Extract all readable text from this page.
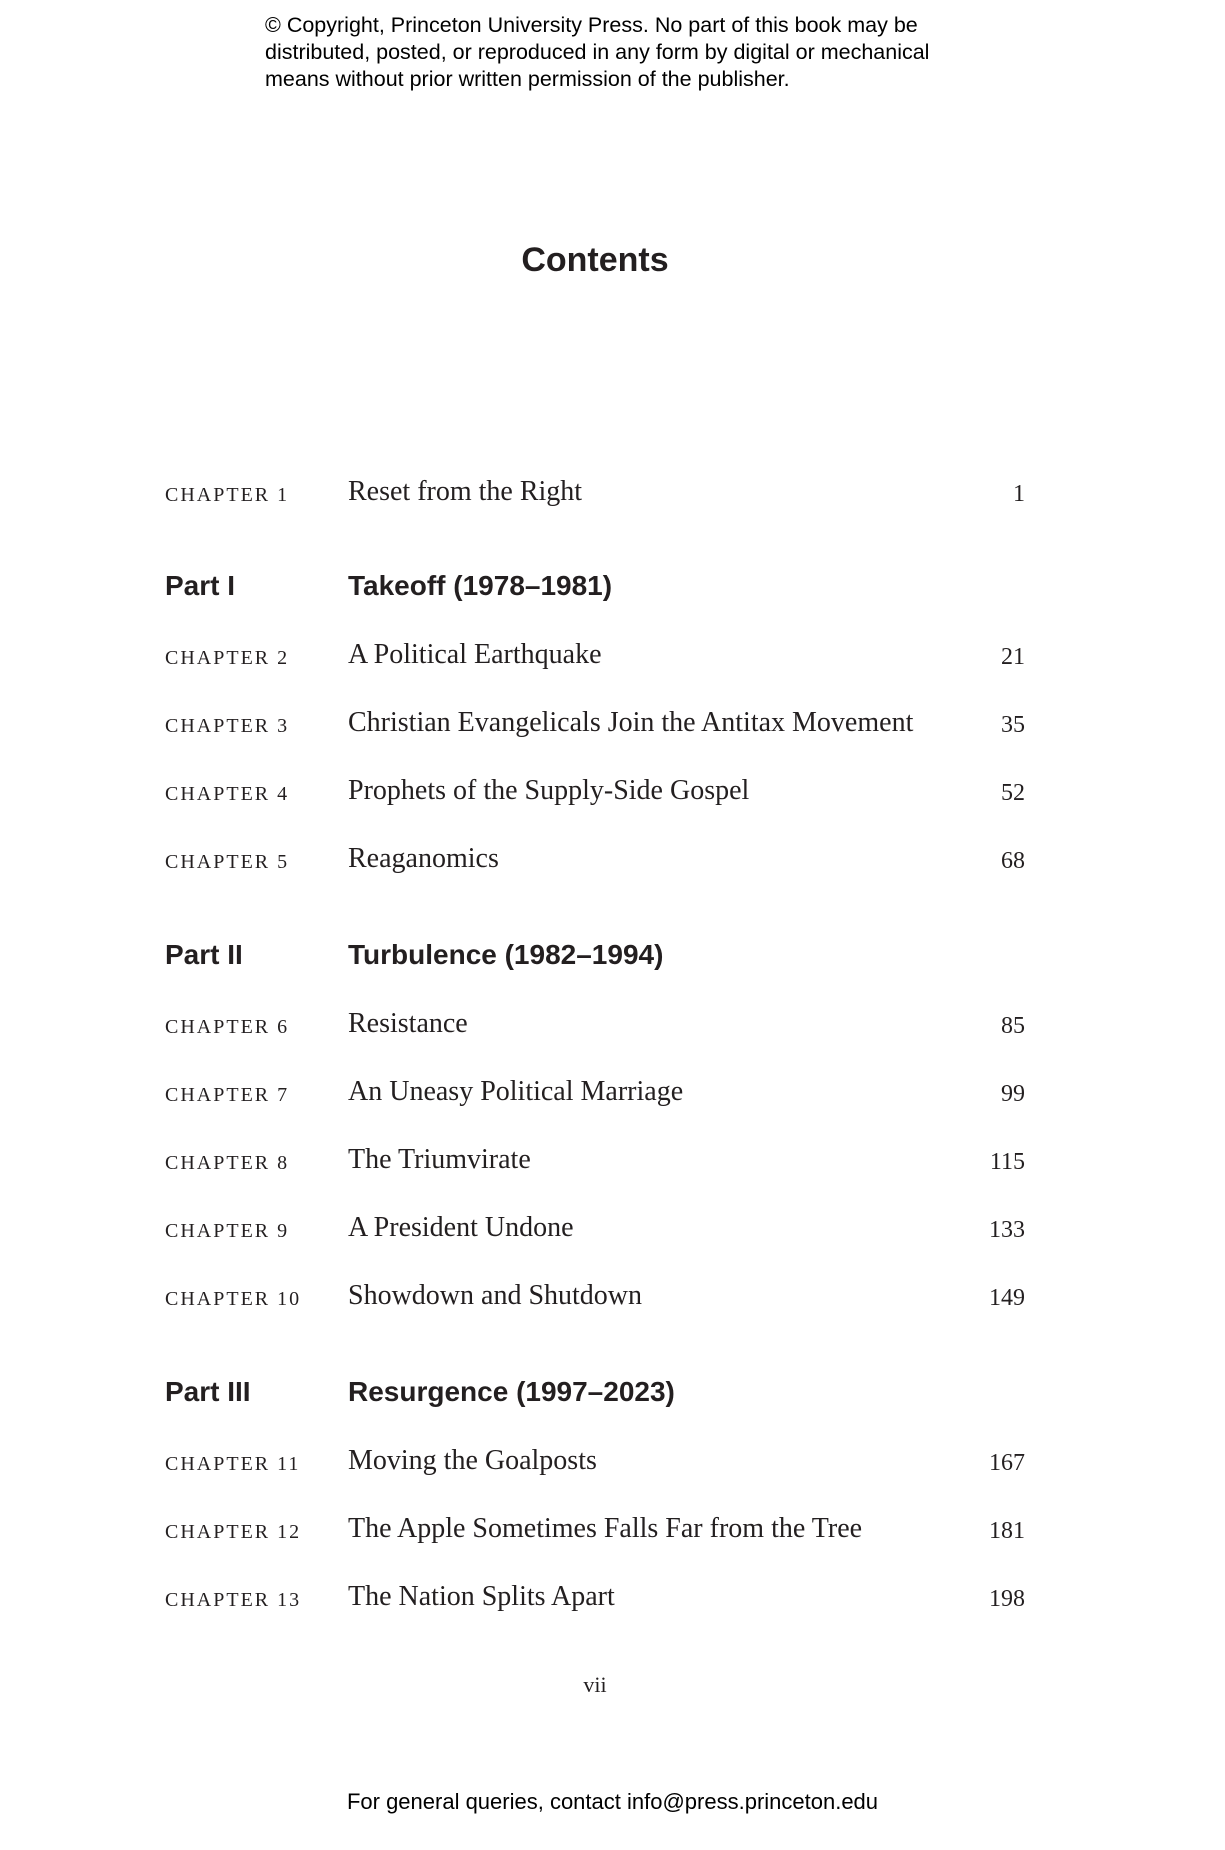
© Copyright, Princeton University Press. No part of this book may be distributed, posted, or reproduced in any form by digital or mechanical means without prior written permission of the publisher.

Contents
CHAPTER 1 Reset from the Right	1
Part I	Takeoff (1978–1981)
CHAPTER 2 A Political Earthquake	21
CHAPTER 3 Christian Evangelicals Join the Antitax Movement	35
CHAPTER 4 Prophets of the Supply-Side Gospel	52
CHAPTER 5 Reaganomics	68
Part II	Turbulence (1982–1994)
CHAPTER 6 Resistance	85
CHAPTER 7 An Uneasy Political Marriage	99
CHAPTER 8 The Triumvirate	115
CHAPTER 9 A President Undone	133
CHAPTER 10 Showdown and Shutdown	149
Part III	Resurgence (1997–2023)
CHAPTER 11 Moving the Goalposts	167
CHAPTER 12 The Apple Sometimes Falls Far from the Tree	181
CHAPTER 13 The Nation Splits Apart	198
vii
For general queries, contact info@press.princeton.edu
